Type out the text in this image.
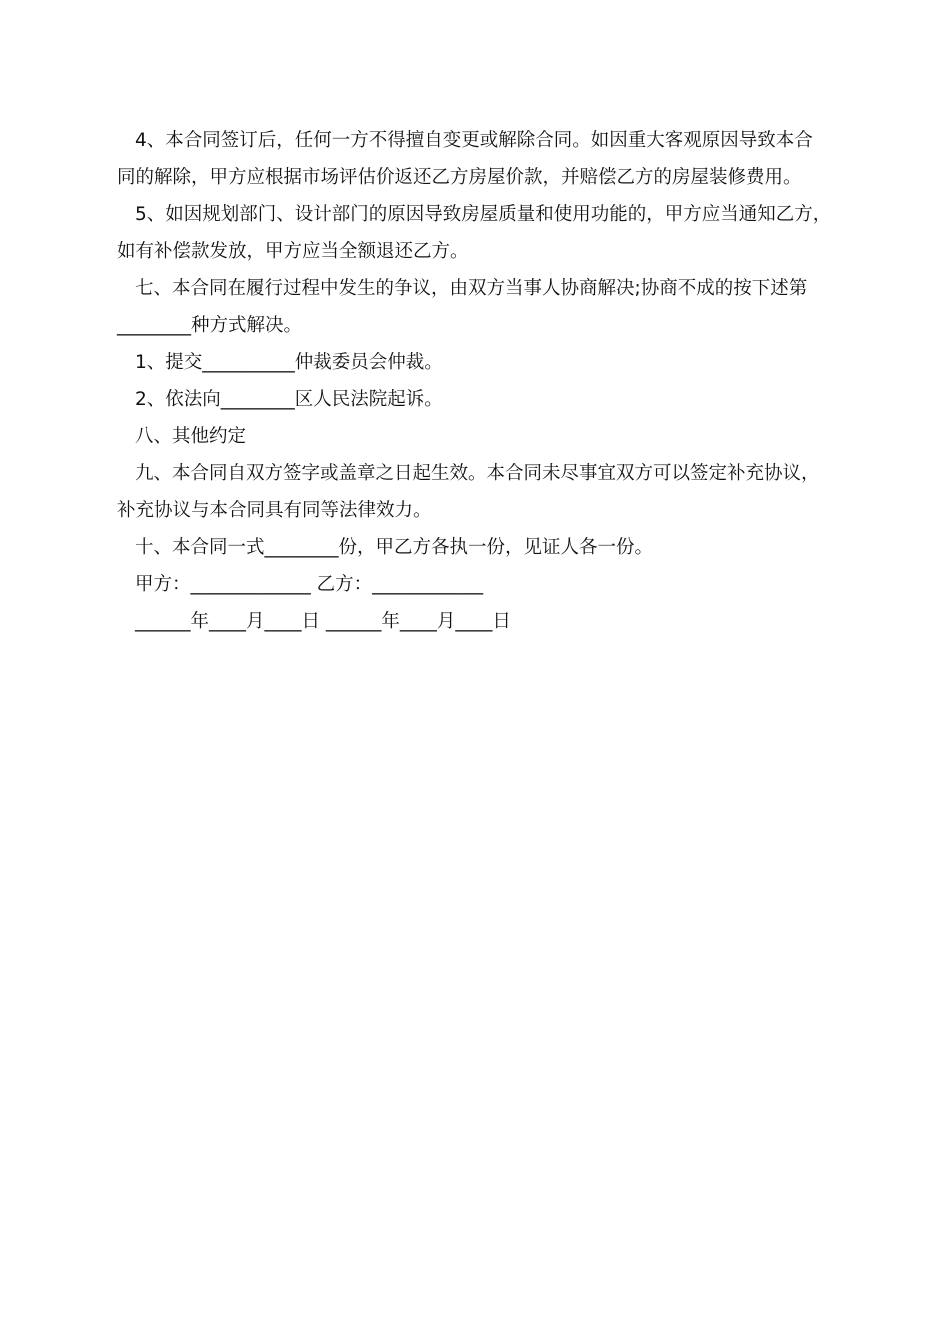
4、本合同签订后，任何一方不得擅自变更或解除合同。如因重大客观原因导致本合
同的解除，甲方应根据市场评估价返还乙方房屋价款，并赔偿乙方的房屋装修费用。

5、如因规划部门、设计部门的原因导致房屋质量和使用功能的，甲方应当通知乙方，
如有补偿款发放，甲方应当全额退还乙方。

七、本合同在履行过程中发生的争议，由双方当事人协商解决;协商不成的按下述第
________种方式解决。

1、提交__________仲裁委员会仲裁。

2、依法向________区人民法院起诉。

八、其他约定

九、本合同自双方签字或盖章之日起生效。本合同未尽事宜双方可以签定补充协议，
补充协议与本合同具有同等法律效力。

十、本合同一式________份，甲乙方各执一份，见证人各一份。

甲方：_____________ 乙方：____________

______年____月____日 ______年____月____日
